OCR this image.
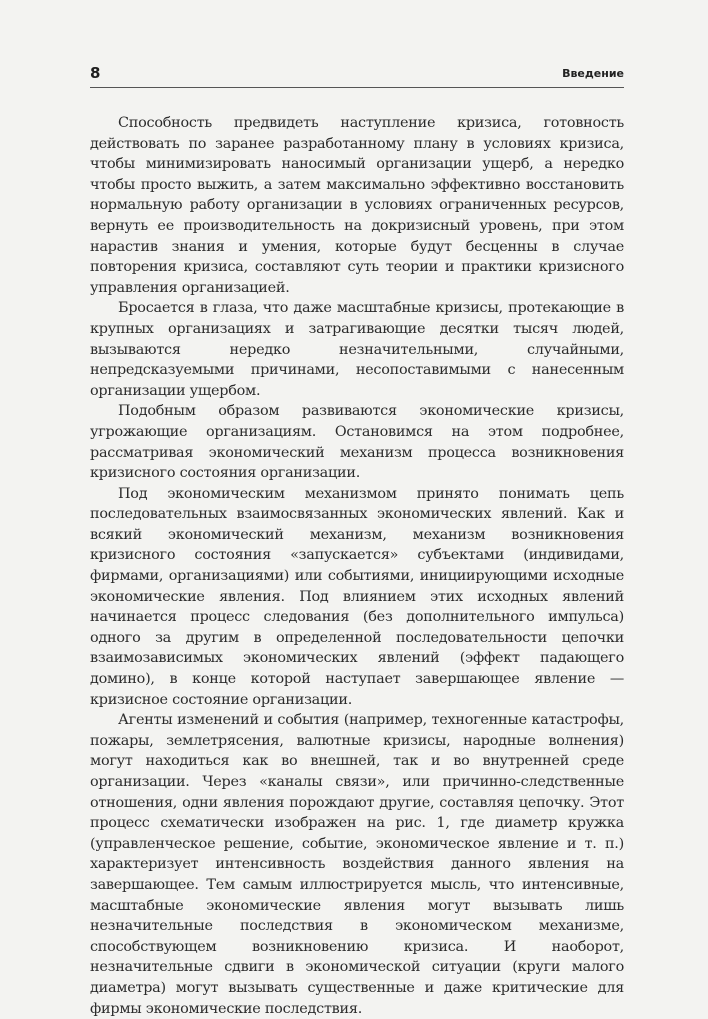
8	Введение

Способность предвидеть наступление кризиса, готовность действовать по заранее разработанному плану в условиях кризиса, чтобы минимизировать наносимый организации ущерб, а нередко чтобы просто выжить, а затем максимально эффективно восстановить нормальную работу организации в условиях ограниченных ресурсов, вернуть ее производительность на докризисный уровень, при этом нарастив знания и умения, которые будут бесценны в случае повторения кризиса, составляют суть теории и практики кризисного управления организацией.

Бросается в глаза, что даже масштабные кризисы, протекающие в крупных организациях и затрагивающие десятки тысяч людей, вызываются нередко незначительными, случайными, непредсказуемыми причинами, несопоставимыми с нанесенным организации ущербом.

Подобным образом развиваются экономические кризисы, угрожающие организациям. Остановимся на этом подробнее, рассматривая экономический механизм процесса возникновения кризисного состояния организации.

Под экономическим механизмом принято понимать цепь последовательных взаимосвязанных экономических явлений. Как и всякий экономический механизм, механизм возникновения кризисного состояния «запускается» субъектами (индивидами, фирмами, организациями) или событиями, инициирующими исходные экономические явления. Под влиянием этих исходных явлений начинается процесс следования (без дополнительного импульса) одного за другим в определенной последовательности цепочки взаимозависимых экономических явлений (эффект падающего домино), в конце которой наступает завершающее явление — кризисное состояние организации.

Агенты изменений и события (например, техногенные катастрофы, пожары, землетрясения, валютные кризисы, народные волнения) могут находиться как во внешней, так и во внутренней среде организации. Через «каналы связи», или причинно-следственные отношения, одни явления порождают другие, составляя цепочку. Этот процесс схематически изображен на рис. 1, где диаметр кружка (управленческое решение, событие, экономическое явление и т. п.) характеризует интенсивность воздействия данного явления на завершающее. Тем самым иллюстрируется мысль, что интенсивные, масштабные экономические явления могут вызывать лишь незначительные последствия в экономическом механизме, способствующем возникновению кризиса. И наоборот, незначительные сдвиги в экономической ситуации (круги малого диаметра) могут вызывать существенные и даже критические для фирмы экономические последствия.
